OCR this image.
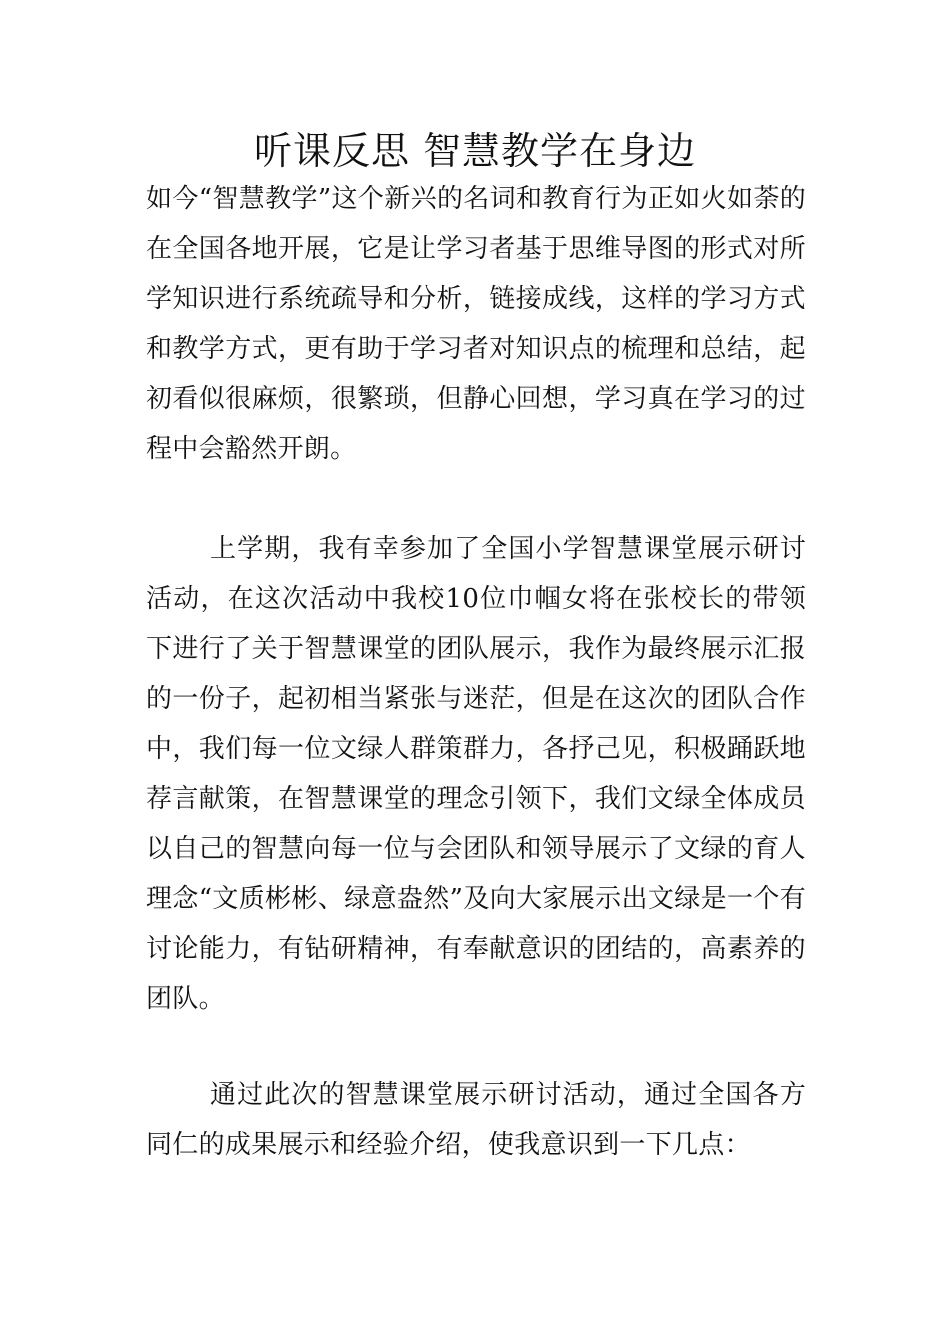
听课反思 智慧教学在身边

如今“智慧教学”这个新兴的名词和教育行为正如火如荼的在全国各地开展，它是让学习者基于思维导图的形式对所学知识进行系统疏导和分析，链接成线，这样的学习方式和教学方式，更有助于学习者对知识点的梳理和总结，起初看似很麻烦，很繁琐，但静心回想，学习真在学习的过程中会豁然开朗。

上学期，我有幸参加了全国小学智慧课堂展示研讨活动，在这次活动中我校10位巾帼女将在张校长的带领下进行了关于智慧课堂的团队展示，我作为最终展示汇报的一份子，起初相当紧张与迷茫，但是在这次的团队合作中，我们每一位文绿人群策群力，各抒己见，积极踊跃地荐言献策，在智慧课堂的理念引领下，我们文绿全体成员以自己的智慧向每一位与会团队和领导展示了文绿的育人理念“文质彬彬、绿意盎然”及向大家展示出文绿是一个有讨论能力，有钻研精神，有奉献意识的团结的，高素养的团队。

通过此次的智慧课堂展示研讨活动，通过全国各方同仁的成果展示和经验介绍，使我意识到一下几点：
